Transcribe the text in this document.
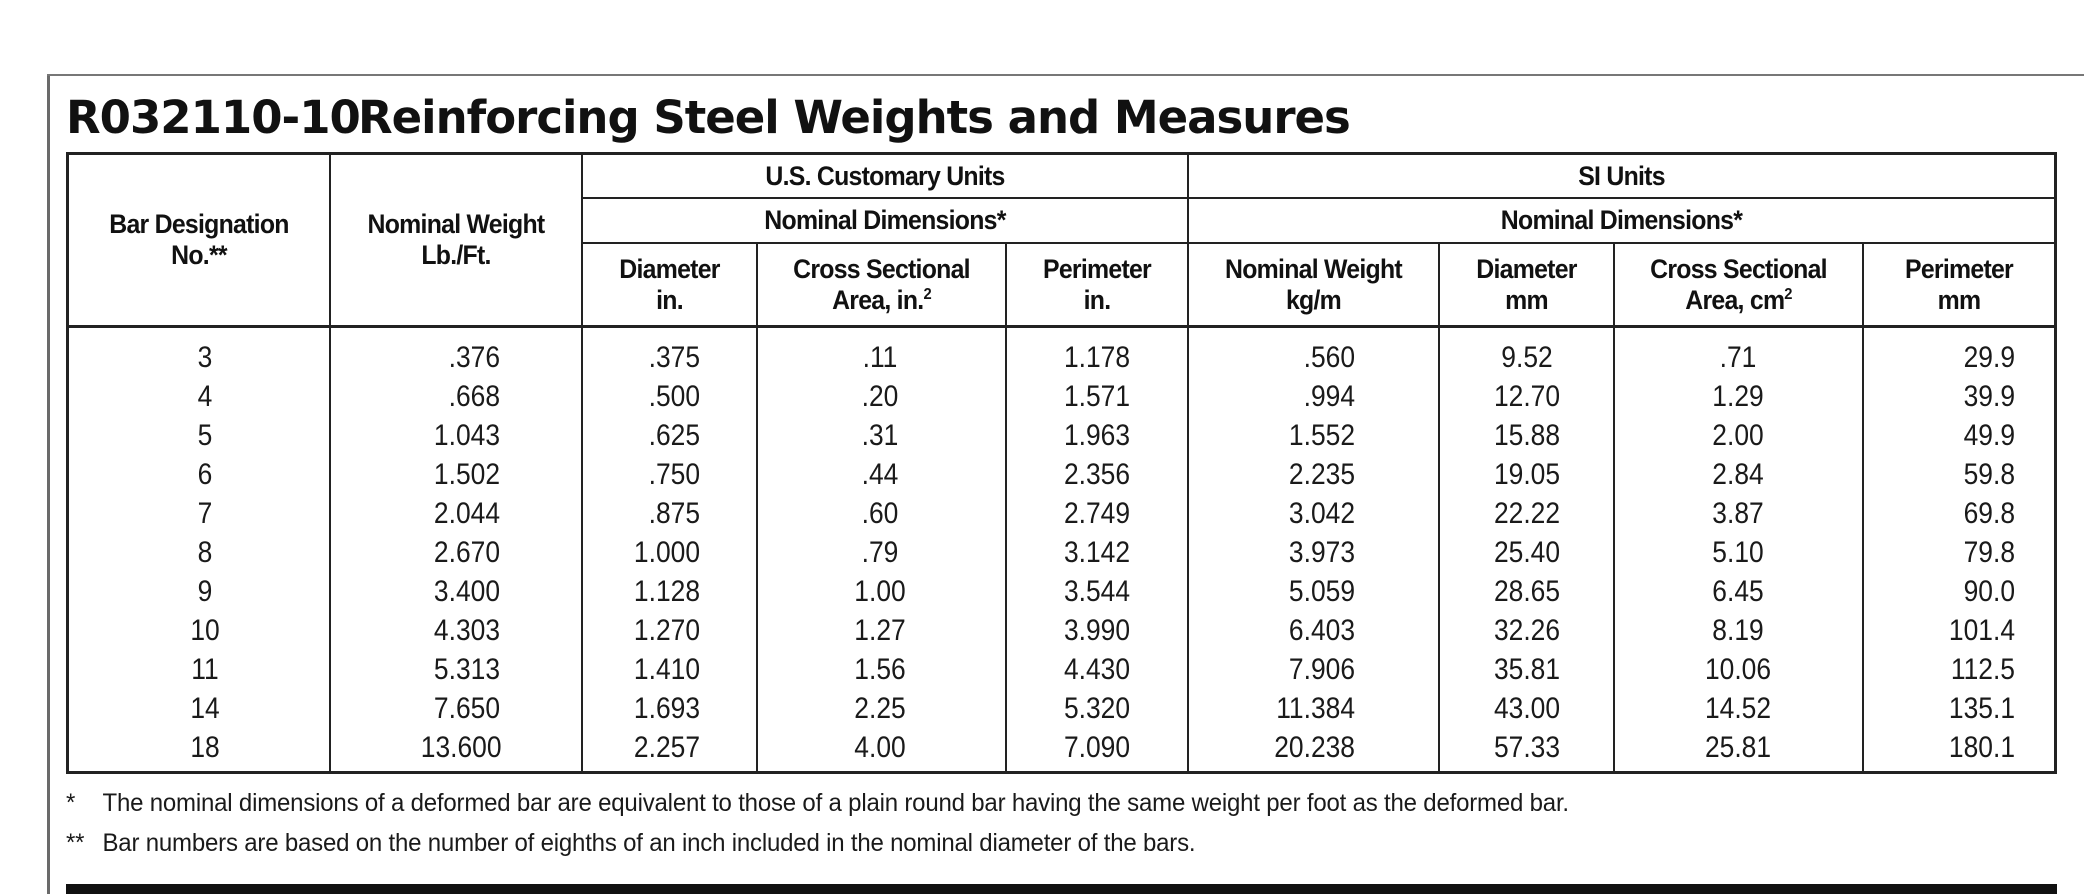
R032110-10
Reinforcing Steel Weights and Measures
Bar Designation
No.**
Nominal Weight
Lb./Ft.
U.S. Customary Units	SI Units
Nominal Dimensions*	Nominal Dimensions*
Diameter
in.
Cross Sectional
Area, in.$^2$
Perimeter
in.
Nominal Weight
kg/m
Diameter
mm
Cross Sectional
Area, $cm^2$
Perimeter
mm
3
4
5
6
7
8
9
10
11
14
18
.376
.668
1.043
1.502
2.044
2.670
3.400
4.303
5.313
7.650
13.600
.375
.500
.625
.750
.875
1.000
1.128
1.270
1.410
1.693
2.257
.11
.20
.31
.44
.60
.79
1.00
1.27
1.56
2.25
4.00
1.178
1.571
1.963
2.356
2.749
3.142
3.544
3.990
4.430
5.320
7.090
.560
.994
1.552
2.235
3.042
3.973
5.059
6.403
7.906
11.384
20.238
9.52
12.70
15.88
19.05
22.22
25.40
28.65
32.26
35.81
43.00
57.33
.71
1.29
2.00
2.84
3.87
5.10
6.45
8.19
10.06
14.52
25.81
29.9
39.9
49.9
59.8
69.8
79.8
90.0
101.4
112.5
135.1
180.1
* The nominal dimensions of a deformed bar are equivalent to those of a plain round bar having the same weight per foot as the deformed bar.
** Bar numbers are based on the number of eighths of an inch included in the nominal diameter of the bars.
